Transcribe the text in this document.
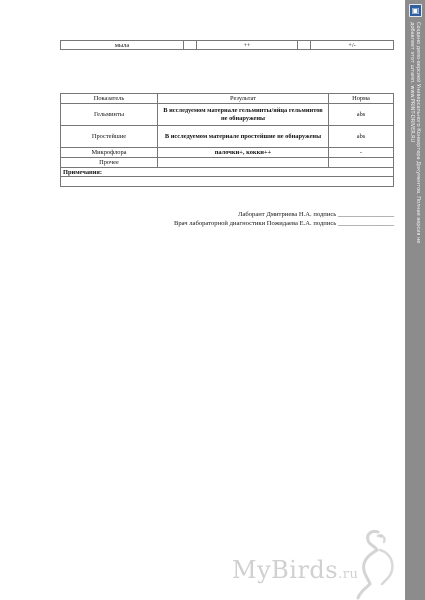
мыла		++		+/-
Показатель	Результат	Норма
Гельминты	В исследуемом материале гельминты/яйца гельминтов не обнаружены	abs
Простейшие	В исследуемом материале простейшие не обнаружены	abs
Микрофлора	палочки+, кокки++	-
Прочее		
Примечания:		

Лаборант Дмитриева Н.А. подпись _________________
Врач лабораторной диагностики Пожидаева Е.А. подпись _________________
MyBirds.ru
▣
Создано демо-версией Универсального Конвертера Документов. Полная версия не добавляет этот штамп. www.PRINT-DRIVER.RU
